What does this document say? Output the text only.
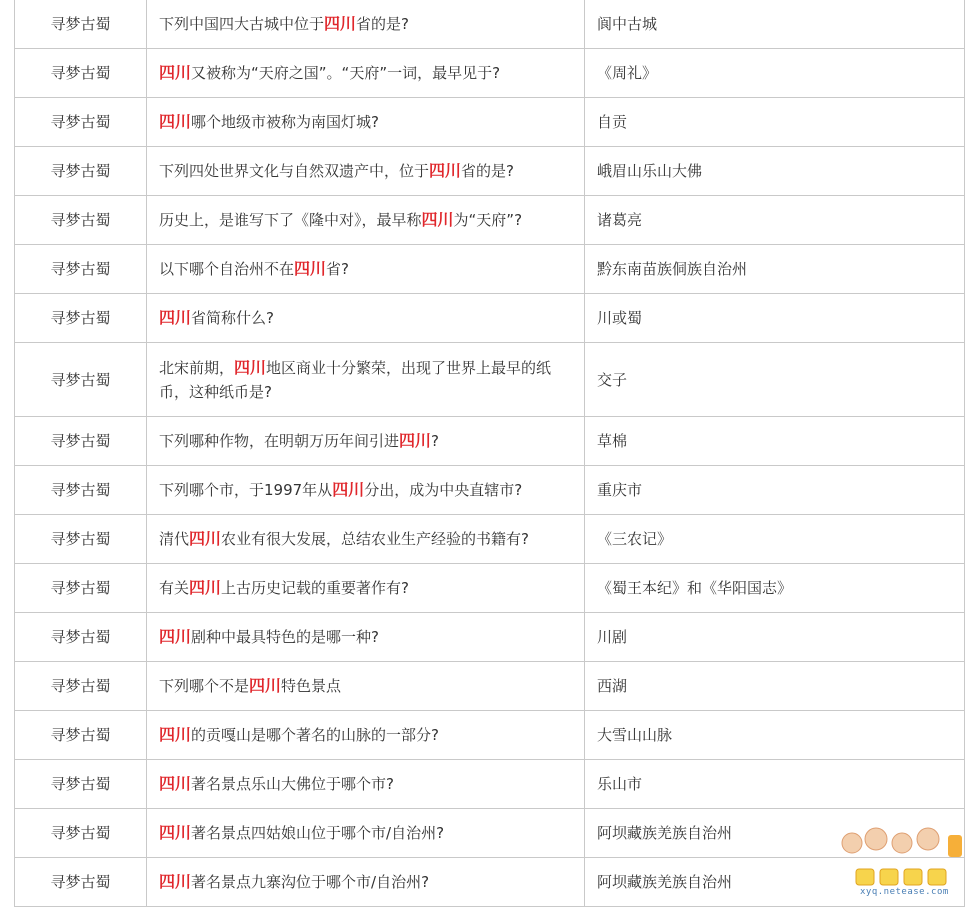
寻梦古蜀	下列中国四大古城中位于四川省的是?	阆中古城
寻梦古蜀	四川又被称为“天府之国”。“天府”一词，最早见于?	《周礼》
寻梦古蜀	四川哪个地级市被称为南国灯城?	自贡
寻梦古蜀	下列四处世界文化与自然双遗产中，位于四川省的是?	峨眉山乐山大佛
寻梦古蜀	历史上，是谁写下了《隆中对》，最早称四川为“天府”?	诸葛亮
寻梦古蜀	以下哪个自治州不在四川省?	黔东南苗族侗族自治州
寻梦古蜀	四川省简称什么?	川或蜀
寻梦古蜀	北宋前期，四川地区商业十分繁荣，出现了世界上最早的纸币，这种纸币是?	交子
寻梦古蜀	下列哪种作物，在明朝万历年间引进四川?	草棉
寻梦古蜀	下列哪个市，于1997年从四川分出，成为中央直辖市?	重庆市
寻梦古蜀	清代四川农业有很大发展，总结农业生产经验的书籍有?	《三农记》
寻梦古蜀	有关四川上古历史记载的重要著作有?	《蜀王本纪》和《华阳国志》
寻梦古蜀	四川剧种中最具特色的是哪一种?	川剧
寻梦古蜀	下列哪个不是四川特色景点	西湖
寻梦古蜀	四川的贡嘎山是哪个著名的山脉的一部分?	大雪山山脉
寻梦古蜀	四川著名景点乐山大佛位于哪个市?	乐山市
寻梦古蜀	四川著名景点四姑娘山位于哪个市/自治州?	阿坝藏族羌族自治州
寻梦古蜀	四川著名景点九寨沟位于哪个市/自治州?	阿坝藏族羌族自治州
xyq.netease.com
